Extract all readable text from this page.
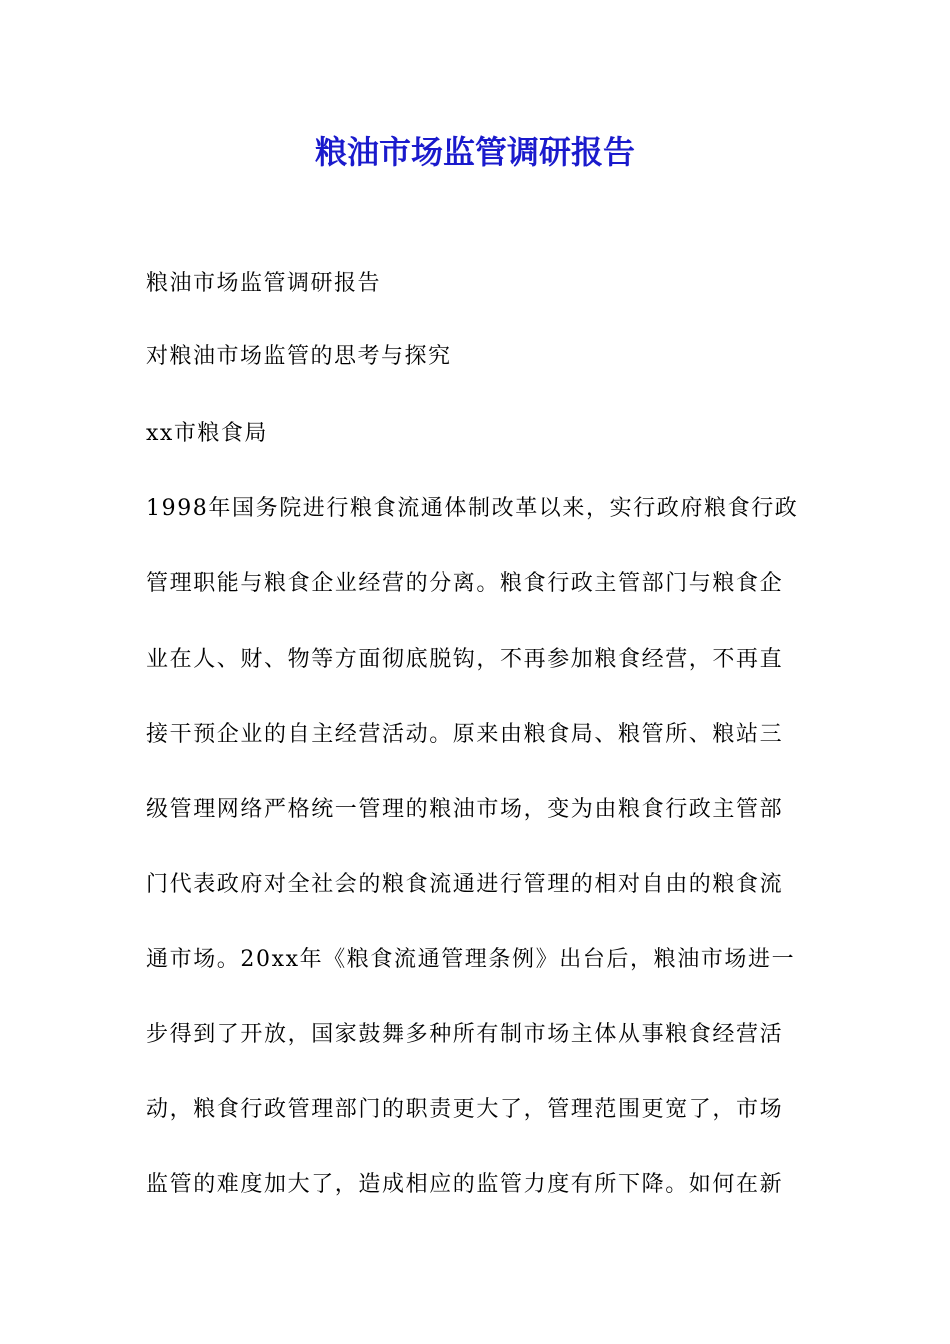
粮油市场监管调研报告

粮油市场监管调研报告

对粮油市场监管的思考与探究

xx市粮食局

1998年国务院进行粮食流通体制改革以来，实行政府粮食行政

管理职能与粮食企业经营的分离。粮食行政主管部门与粮食企

业在人、财、物等方面彻底脱钩，不再参加粮食经营，不再直

接干预企业的自主经营活动。原来由粮食局、粮管所、粮站三

级管理网络严格统一管理的粮油市场，变为由粮食行政主管部

门代表政府对全社会的粮食流通进行管理的相对自由的粮食流

通市场。20xx年《粮食流通管理条例》出台后，粮油市场进一

步得到了开放，国家鼓舞多种所有制市场主体从事粮食经营活

动，粮食行政管理部门的职责更大了，管理范围更宽了，市场

监管的难度加大了，造成相应的监管力度有所下降。如何在新
